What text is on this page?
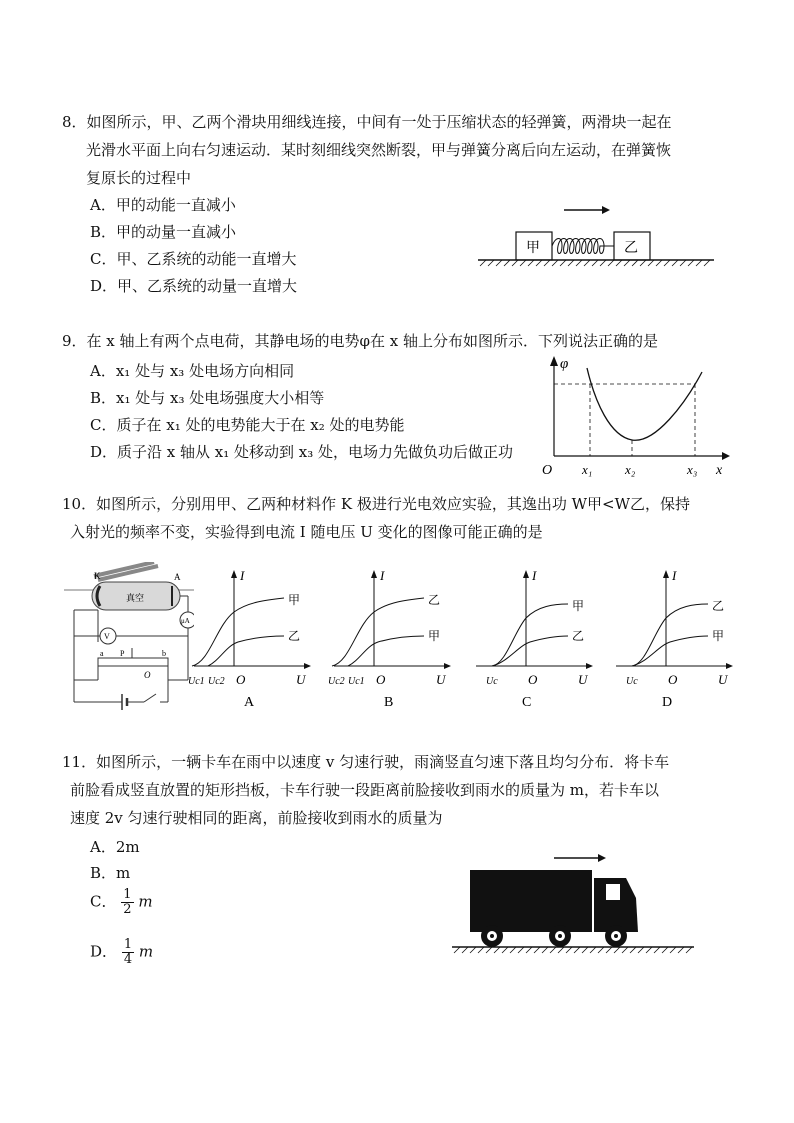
8．如图所示，甲、乙两个滑块用细线连接，中间有一处于压缩状态的轻弹簧，两滑块一起在
光滑水平面上向右匀速运动．某时刻细线突然断裂，甲与弹簧分离后向左运动，在弹簧恢
复原长的过程中
A．甲的动能一直减小
B．甲的动量一直减小
C．甲、乙系统的动能一直增大
D．甲、乙系统的动量一直增大
甲	乙
9．在 x 轴上有两个点电荷，其静电场的电势φ在 x 轴上分布如图所示．下列说法正确的是
A．x₁ 处与 x₃ 处电场方向相同
B．x₁ 处与 x₃ 处电场强度大小相等
C．质子在 x₁ 处的电势能大于在 x₂ 处的电势能
D．质子沿 x 轴从 x₁ 处移动到 x₃ 处，电场力先做负功后做正功
φ
O x₁	x₂	x₃ x
10．如图所示，分别用甲、乙两种材料作 K 极进行光电效应实验，其逸出功 W甲<W乙，保持
入射光的频率不变，实验得到电流 I 随电压 U 变化的图像可能正确的是
K	A
真空
μA
V
a P	b
O
I
U
O
甲
乙
Uc1 Uc2
A
I
U
O
乙
甲
Uc2 Uc1
B
I
U
O
甲
乙
Uc
C
I
U
O
乙
甲
Uc
D
11．如图所示，一辆卡车在雨中以速度 v 匀速行驶，雨滴竖直匀速下落且均匀分布．将卡车
前脸看成竖直放置的矩形挡板，卡车行驶一段距离前脸接收到雨水的质量为 m，若卡车以
速度 2v 匀速行驶相同的距离，前脸接收到雨水的质量为
A．2m
B．m
C． $\frac{1}{2}$ m
D． $\frac{1}{4}$ m
